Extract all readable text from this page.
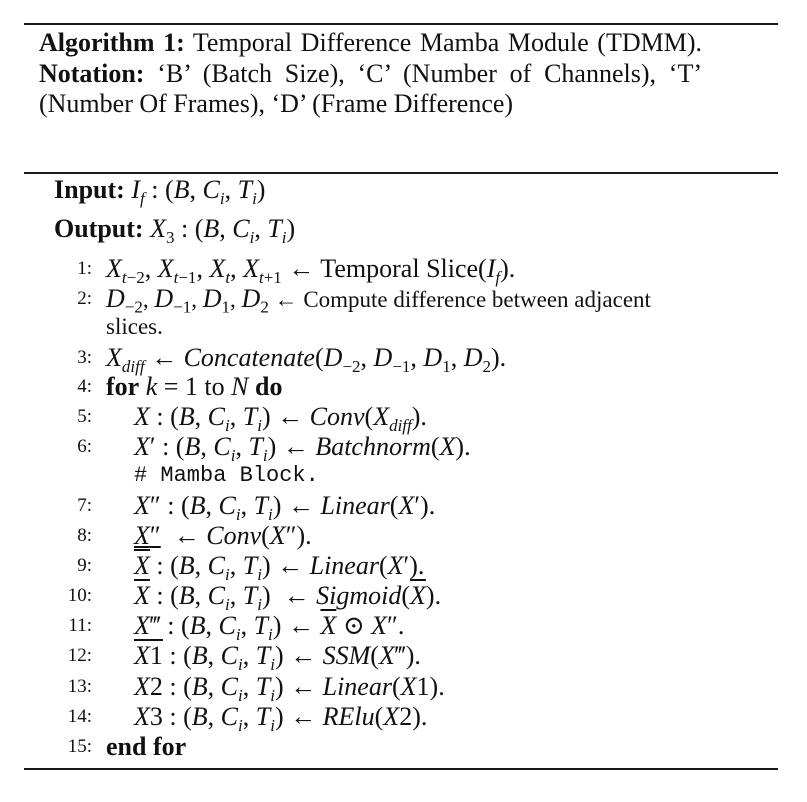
Algorithm 1: Temporal Difference Mamba Module (TDMM). Notation: ‘B’ (Batch Size), ‘C’ (Number of Channels), ‘T’ (Number Of Frames), ‘D’ (Frame Difference)
Input: $I_f$ : (B, $C_i$, $T_i$)
Output: $X_3$ : (B, $C_i$, $T_i$)
1: $X_{t-2}$, $X_{t-1}$, $X_t$, $X_{t+1}$ ← Temporal $Slice(I_f)$.
2: $D_{-2}$, $D_{-1}$, $D_1$, $D_2$ ← Compute difference between adjacent
slices.
3: $X_{diff}$ ← $Concatenate(D_{-2}$, $D_{-1}$, $D_1$, $D_2$).
4: for k = 1 to N do
5: X : (B, $C_i$, $T_i$) ← $Conv(X_{diff})$.
6: X′ : (B, $C_i$, $T_i$) ← Batchnorm(X).
# Mamba Block.
7: X″ : (B, $C_i$, $T_i$) ← Linear(X′).
8: X″  ← Conv(X″).
9: $\overline{X}$ : (B, $C_i$, $T_i$) ← Linear(X′).
10: $\overline{X}$ : (B, $C_i$, $T_i$)  ← $Sigmoid(\overline{X})$.
11: X‴ : (B, $C_i$, $T_i$) ← $\overline{X}$ ⊙ X″.
12: X1 : (B, $C_i$, $T_i$) ← SSM(X‴).
13: X2 : (B, $C_i$, $T_i$) ← Linear(X1).
14: X3 : (B, $C_i$, $T_i$) ← RElu(X2).
15: end for
